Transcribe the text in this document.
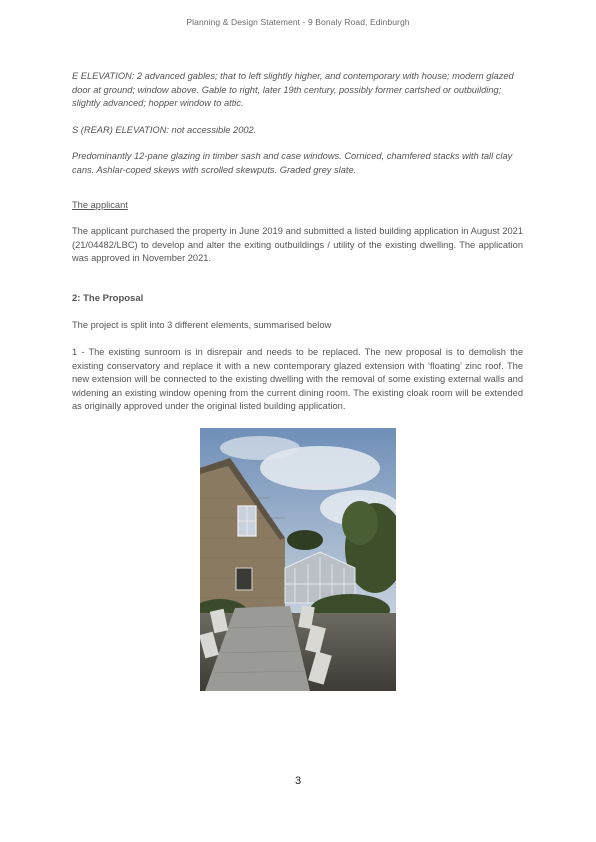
Planning & Design Statement - 9 Bonaly Road, Edinburgh

E ELEVATION: 2 advanced gables; that to left slightly higher, and contemporary with house; modern glazed door at ground; window above. Gable to right, later 19th century, possibly former cartshed or outbuilding; slightly advanced; hopper window to attic.

S (REAR) ELEVATION: not accessible 2002.

Predominantly 12-pane glazing in timber sash and case windows. Corniced, chamfered stacks with tall clay cans. Ashlar-coped skews with scrolled skewputs. Graded grey slate.

The applicant

The applicant purchased the property in June 2019 and submitted a listed building application in August 2021 (21/04482/LBC) to develop and alter the exiting outbuildings / utility of the existing dwelling. The application was approved in November 2021.

2: The Proposal

The project is split into 3 different elements, summarised below

1 - The existing sunroom is in disrepair and needs to be replaced. The new proposal is to demolish the existing conservatory and replace it with a new contemporary glazed extension with ‘floating’ zinc roof. The new extension will be connected to the existing dwelling with the removal of some existing external walls and widening an existing window opening from the current dining room. The existing cloak room will be extended as originally approved under the original listed building application.

3
